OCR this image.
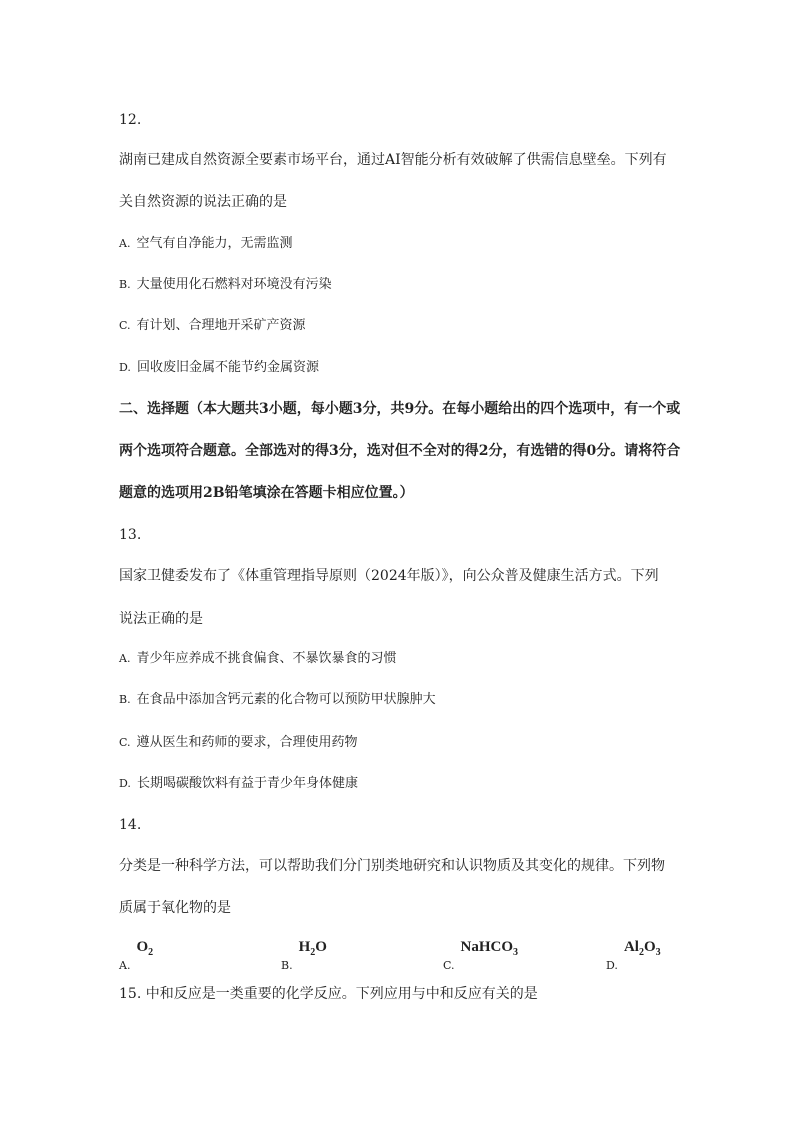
12.
湖南已建成自然资源全要素市场平台，通过AI智能分析有效破解了供需信息壁垒。下列有
关自然资源的说法正确的是
A. 空气有自净能力，无需监测
B. 大量使用化石燃料对环境没有污染
C. 有计划、合理地开采矿产资源
D. 回收废旧金属不能节约金属资源
二、选择题（本大题共3小题，每小题3分，共9分。在每小题给出的四个选项中，有一个或
两个选项符合题意。全部选对的得3分，选对但不全对的得2分，有选错的得0分。请将符合
题意的选项用2B铅笔填涂在答题卡相应位置。）
13.
国家卫健委发布了《体重管理指导原则（2024年版）》，向公众普及健康生活方式。下列
说法正确的是
A. 青少年应养成不挑食偏食、不暴饮暴食的习惯
B. 在食品中添加含钙元素的化合物可以预防甲状腺肿大
C. 遵从医生和药师的要求，合理使用药物
D. 长期喝碳酸饮料有益于青少年身体健康
14.
分类是一种科学方法，可以帮助我们分门别类地研究和认识物质及其变化的规律。下列物
质属于氧化物的是
$_{A.}O_2$
$_{B.}H_2O$
$_{C.}$NaHCO$_3$
$_{D.}Al_2O_3$
15. 中和反应是一类重要的化学反应。下列应用与中和反应有关的是
